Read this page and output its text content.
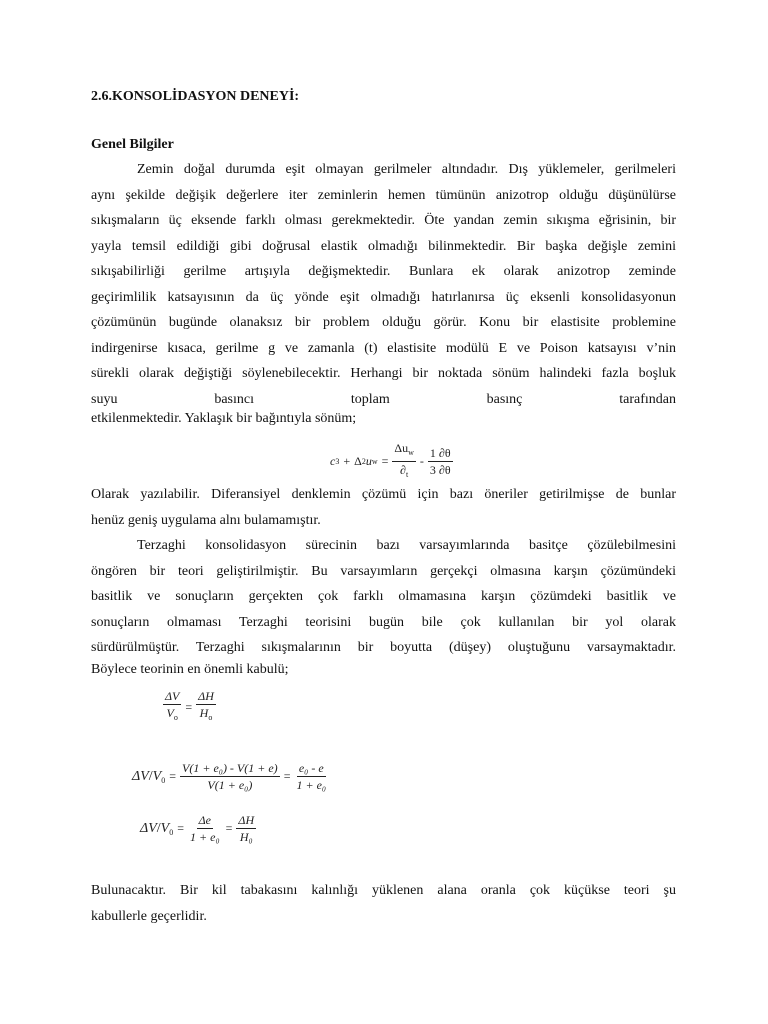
2.6.KONSOLİDASYON DENEYİ:
Genel Bilgiler
Zemin doğal durumda eşit olmayan gerilmeler altındadır. Dış yüklemeler, gerilmeleri
aynı şekilde değişik değerlere iter zeminlerin hemen tümünün anizotrop olduğu düşünülürse
sıkışmaların üç eksende farklı olması gerekmektedir. Öte yandan zemin sıkışma eğrisinin, bir
yayla temsil edildiği gibi doğrusal elastik olmadığı bilinmektedir. Bir başka değişle zemini
sıkışabilirliği gerilme artışıyla değişmektedir. Bunlara ek olarak anizotrop zeminde
geçirimlilik katsayısının da üç yönde eşit olmadığı hatırlanırsa üç eksenli konsolidasyonun
çözümünün bugünde olanaksız bir problem olduğu görür. Konu bir elastisite problemine
indirgenirse kısaca, gerilme g ve zamanla (t) elastisite modülü E ve Poison katsayısı v’nin
sürekli olarak değiştiği söylenebilecektir. Herhangi bir noktada sönüm halindeki fazla boşluk
suyu basıncı toplam basınç tarafından
etkilenmektedir. Yaklaşık bir bağıntıyla sönüm;
c 3 + Δ 2 u $w = \frac{\Delta u_w}{\partial_t} - \frac{1 \partial\theta}{3 \partial\theta}$
Olarak yazılabilir. Diferansiyel denklemin çözümü için bazı öneriler getirilmişse de bunlar
henüz geniş uygulama alnı bulamamıştır.
Terzaghi konsolidasyon sürecinin bazı varsayımlarında basitçe çözülebilmesini
öngören bir teori geliştirilmiştir. Bu varsayımların gerçekçi olmasına karşın çözümündeki
basitlik ve sonuçların gerçekten çok farklı olmamasına karşın çözümdeki basitlik ve
sonuçların olmaması Terzaghi teorisini bugün bile çok kullanılan bir yol olarak
sürdürülmüştür. Terzaghi sıkışmalarının bir boyutta (düşey) oluştuğunu varsaymaktadır.
Böylece teorinin en önemli kabulü;
$\frac{\Delta V}{V_o} = \frac{\Delta H}{H_o}$
$\Delta V/V_0 = \frac{\text{V(1 + e₀) - V(1 + e)}}{\text{V(1 + e₀)}} = \frac{\text{e₀ - e}}{\text{1 + e₀}}$
$\Delta V/V_0 = \frac{\Delta e}{\text{1 + e₀}} = \frac{\Delta H}{\text{H₀}}$
Bulunacaktır. Bir kil tabakasını kalınlığı yüklenen alana oranla çok küçükse teori şu
kabullerle geçerlidir.
